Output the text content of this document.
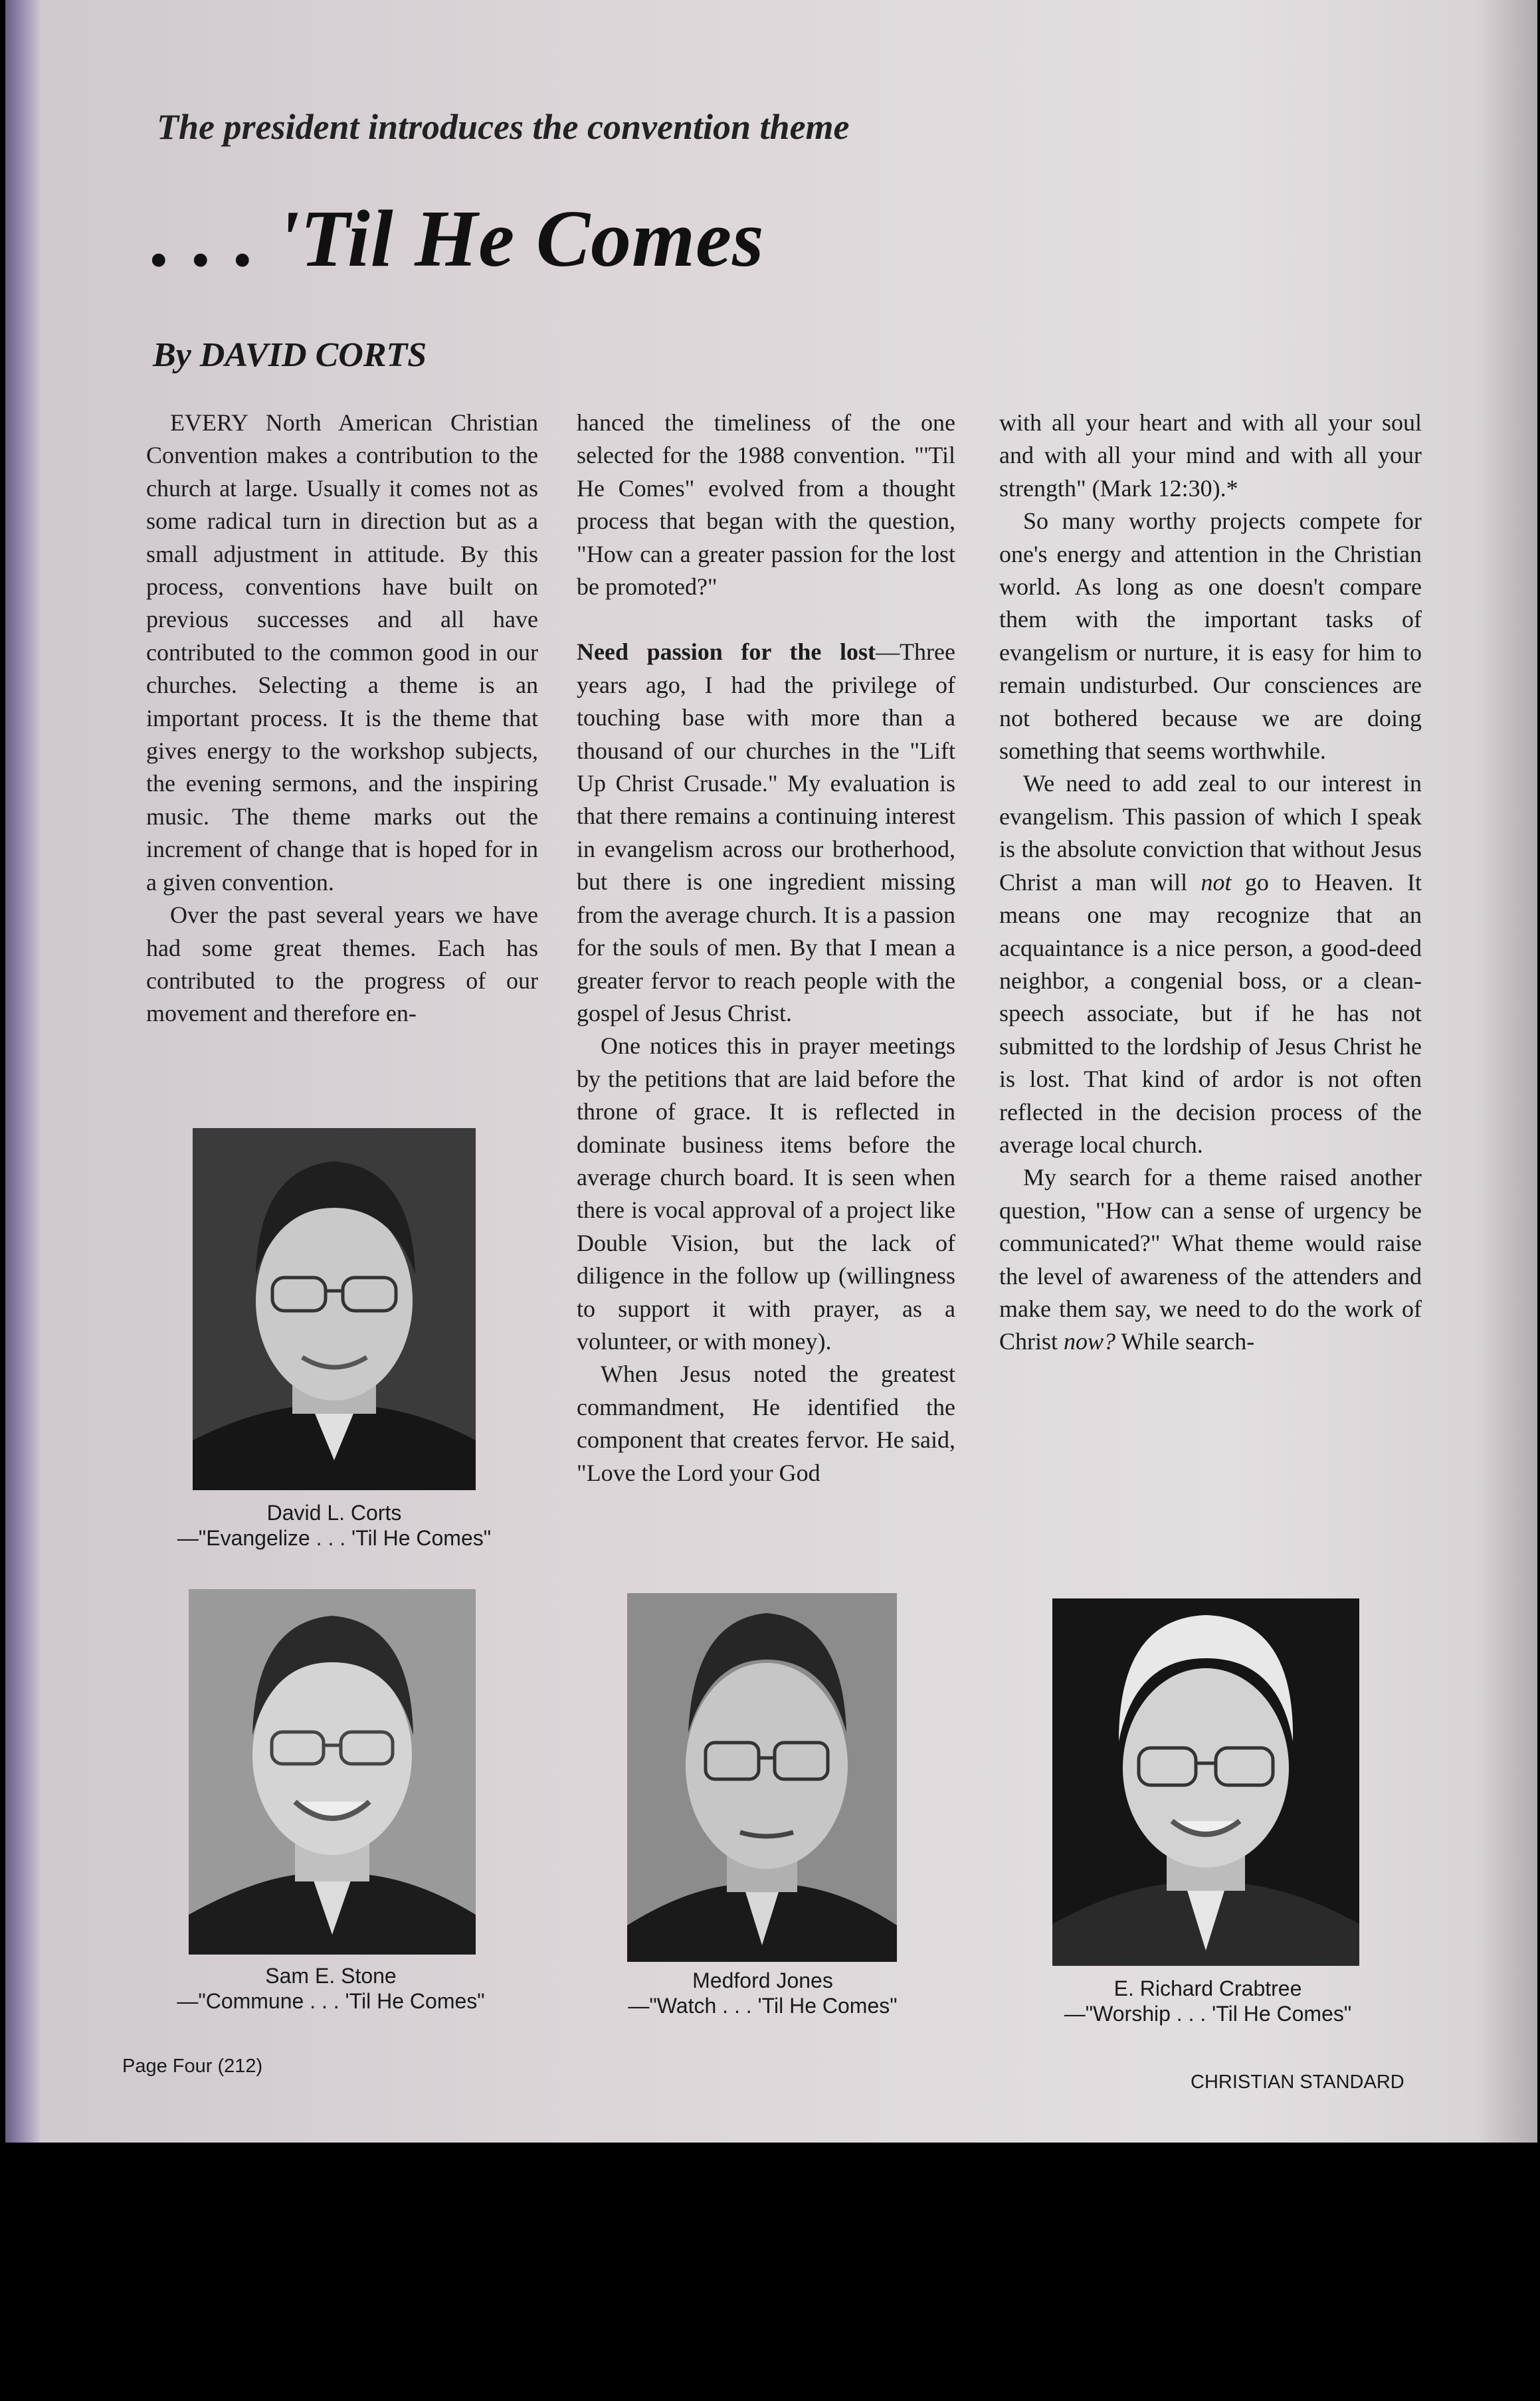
The president introduces the convention theme
. . . 'Til He Comes
By DAVID CORTS

EVERY North American Christian Convention makes a contribution to the church at large. Usually it comes not as some radical turn in direction but as a small adjustment in attitude. By this process, conventions have built on previous successes and all have contributed to the common good in our churches. Selecting a theme is an important process. It is the theme that gives energy to the workshop subjects, the evening sermons, and the inspiring music. The theme marks out the increment of change that is hoped for in a given convention.

Over the past several years we have had some great themes. Each has contributed to the progress of our movement and therefore en-

hanced the timeliness of the one selected for the 1988 convention. "'Til He Comes" evolved from a thought process that began with the question, "How can a greater passion for the lost be promoted?"

Need passion for the lost—Three years ago, I had the privilege of touching base with more than a thousand of our churches in the "Lift Up Christ Crusade." My evaluation is that there remains a continuing interest in evangelism across our brotherhood, but there is one ingredient missing from the average church. It is a passion for the souls of men. By that I mean a greater fervor to reach people with the gospel of Jesus Christ.

One notices this in prayer meetings by the petitions that are laid before the throne of grace. It is reflected in dominate business items before the average church board. It is seen when there is vocal approval of a project like Double Vision, but the lack of diligence in the follow up (willingness to support it with prayer, as a volunteer, or with money).

When Jesus noted the greatest commandment, He identified the component that creates fervor. He said, "Love the Lord your God

with all your heart and with all your soul and with all your mind and with all your strength" (Mark 12:30).*

So many worthy projects compete for one's energy and attention in the Christian world. As long as one doesn't compare them with the important tasks of evangelism or nurture, it is easy for him to remain undisturbed. Our consciences are not bothered because we are doing something that seems worthwhile.

We need to add zeal to our interest in evangelism. This passion of which I speak is the absolute conviction that without Jesus Christ a man will not go to Heaven. It means one may recognize that an acquaintance is a nice person, a good-deed neighbor, a congenial boss, or a clean-speech associate, but if he has not submitted to the lordship of Jesus Christ he is lost. That kind of ardor is not often reflected in the decision process of the average local church.

My search for a theme raised another question, "How can a sense of urgency be communicated?" What theme would raise the level of awareness of the attenders and make them say, we need to do the work of Christ now? While search-

David L. Corts
—"Evangelize . . . 'Til He Comes"
Sam E. Stone
—"Commune . . . 'Til He Comes"
Medford Jones
—"Watch . . . 'Til He Comes"
E. Richard Crabtree
—"Worship . . . 'Til He Comes"
Page Four (212)
CHRISTIAN STANDARD
